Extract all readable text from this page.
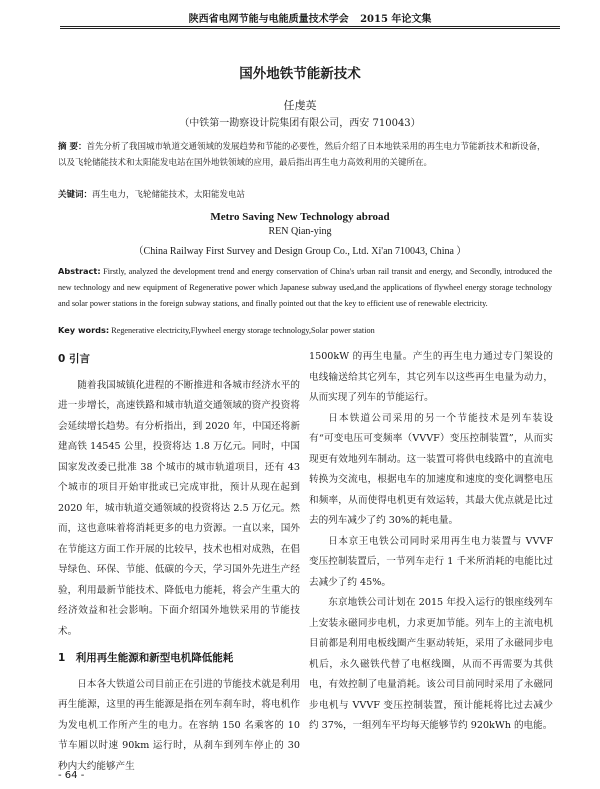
陕西省电网节能与电能质量技术学会 2015 年论文集
国外地铁节能新技术
任虔英
（中铁第一勘察设计院集团有限公司，西安 710043）
摘 要：首先分析了我国城市轨道交通领域的发展趋势和节能的必要性，然后介绍了日本地铁采用的再生电力节能新技术和新设备，以及飞轮储能技术和太阳能发电站在国外地铁领域的应用，最后指出再生电力高效利用的关键所在。
关键词：再生电力，飞轮储能技术，太阳能发电站
Metro Saving New Technology abroad
REN Qian-ying
（China Railway First Survey and Design Group Co., Ltd. Xi'an 710043, China ）
Abstract: Firstly, analyzed the development trend and energy conservation of China's urban rail transit and energy, and Secondly, introduced the new technology and new equipment of Regenerative power which Japanese subway used,and the applications of flywheel energy storage technology and solar power stations in the foreign subway stations, and finally pointed out that the key to efficient use of renewable electricity.
Key words: Regenerative electricity,Flywheel energy storage technology,Solar power station

0 引言

随着我国城镇化进程的不断推进和各城市经济水平的进一步增长，高速铁路和城市轨道交通领域的资产投资将会延续增长趋势。有分析指出，到 2020 年，中国还将新建高铁 14545 公里，投资将达 1.8 万亿元。同时，中国国家发改委已批准 38 个城市的城市轨道项目，还有 43 个城市的项目开始审批或已完成审批，预计从现在起到 2020 年，城市轨道交通领域的投资将达 2.5 万亿元。然而，这也意味着将消耗更多的电力资源。一直以来，国外在节能这方面工作开展的比较早，技术也相对成熟，在倡导绿色、环保、节能、低碳的今天，学习国外先进生产经验，利用最新节能技术、降低电力能耗，将会产生重大的经济效益和社会影响。下面介绍国外地铁采用的节能技术。

1　利用再生能源和新型电机降低能耗

日本各大铁道公司目前正在引进的节能技术就是利用再生能源，这里的再生能源是指在列车刹车时，将电机作为发电机工作所产生的电力。在容纳 150 名乘客的 10 节车厢以时速 90km 运行时，从刹车到列车停止的 30 秒内大约能够产生

1500kW 的再生电量。产生的再生电力通过专门架设的电线输送给其它列车，其它列车以这些再生电量为动力，从而实现了列车的节能运行。

日本铁道公司采用的另一个节能技术是列车装设有“可变电压可变频率（VVVF）变压控制装置”，从而实现更有效地列车制动。这一装置可将供电线路中的直流电转换为交流电，根据电车的加速度和速度的变化调整电压和频率，从而使得电机更有效运转，其最大优点就是比过去的列车减少了约 30%的耗电量。

日本京王电铁公司同时采用再生电力装置与 VVVF 变压控制装置后，一节列车走行 1 千米所消耗的电能比过去减少了约 45%。

东京地铁公司计划在 2015 年投入运行的银座线列车上安装永磁同步电机，力求更加节能。列车上的主流电机目前都是利用电板线圈产生驱动转矩，采用了永磁同步电机后，永久磁铁代替了电枢线圈，从而不再需要为其供电，有效控制了电量消耗。该公司目前同时采用了永磁同步电机与 VVVF 变压控制装置，预计能耗将比过去减少约 37%，一组列车平均每天能够节约 920kWh 的电能。

- 64 -
